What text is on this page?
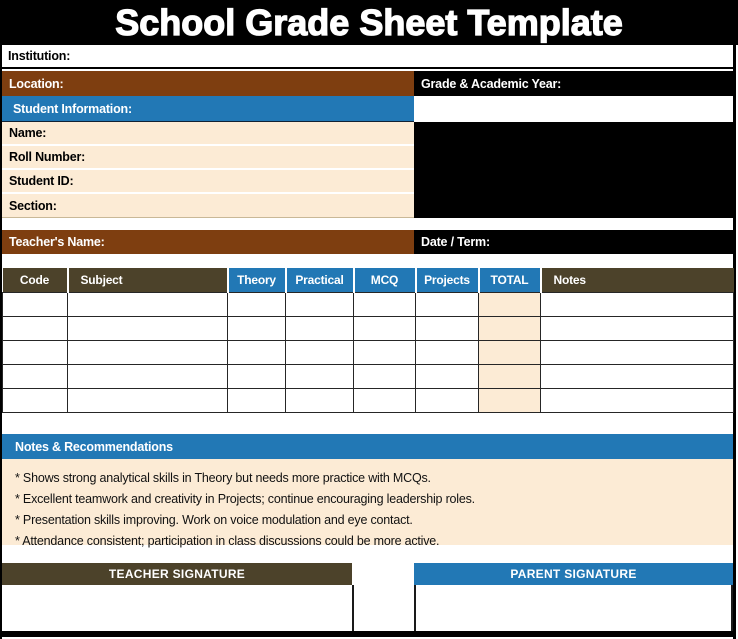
School Grade Sheet Template
Institution:
Location:	Grade & Academic Year:
Student Information:
Name:
Roll Number:
Student ID:
Section:
Teacher's Name:	Date / Term:
Code	Subject	Theory	Practical	MCQ	Projects	TOTAL	Notes

Notes & Recommendations
* Shows strong analytical skills in Theory but needs more practice with MCQs.
* Excellent teamwork and creativity in Projects; continue encouraging leadership roles.
* Presentation skills improving. Work on voice modulation and eye contact.
* Attendance consistent; participation in class discussions could be more active.
TEACHER SIGNATURE	PARENT SIGNATURE
